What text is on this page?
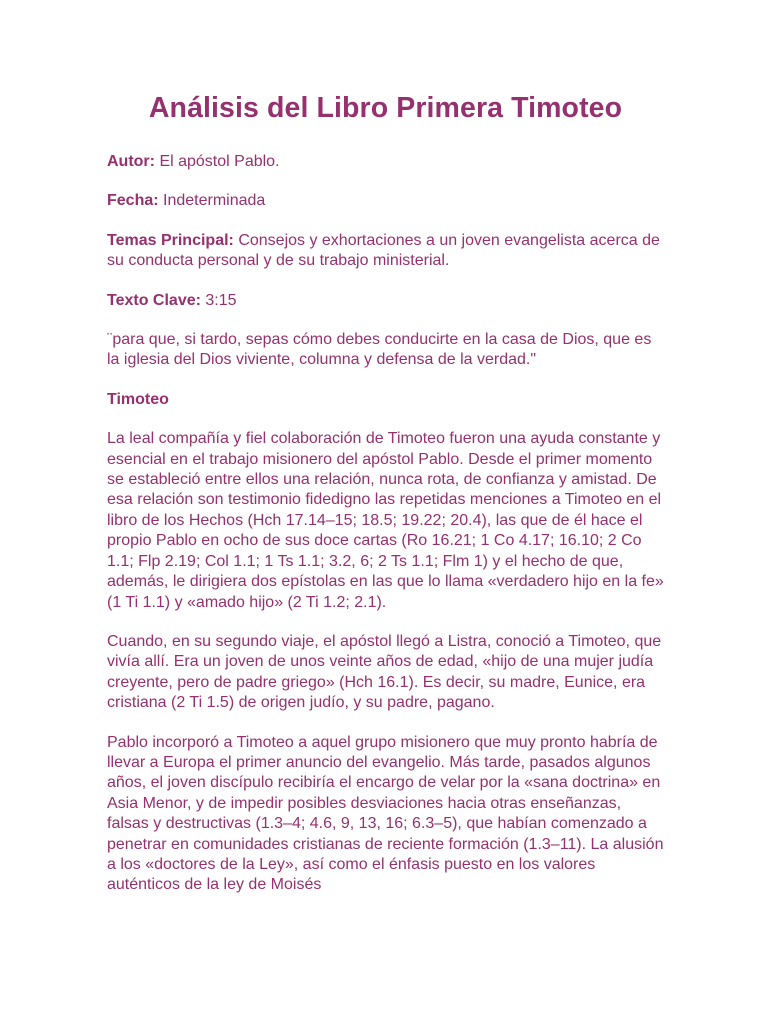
Análisis del Libro Primera Timoteo

Autor: El apóstol Pablo.

Fecha: Indeterminada

Temas Principal: Consejos y exhortaciones a un joven evangelista acerca de su conducta personal y de su trabajo ministerial.

Texto Clave: 3:15

¨para que, si tardo, sepas cómo debes conducirte en la casa de Dios, que es la iglesia del Dios viviente, columna y defensa de la verdad."

Timoteo

La leal compañía y fiel colaboración de Timoteo fueron una ayuda constante y esencial en el trabajo misionero del apóstol Pablo. Desde el primer momento se estableció entre ellos una relación, nunca rota, de confianza y amistad. De esa relación son testimonio fidedigno las repetidas menciones a Timoteo en el libro de los Hechos (Hch 17.14–15; 18.5; 19.22; 20.4), las que de él hace el propio Pablo en ocho de sus doce cartas (Ro 16.21; 1 Co 4.17; 16.10; 2 Co 1.1; Flp 2.19; Col 1.1; 1 Ts 1.1; 3.2, 6; 2 Ts 1.1; Flm 1) y el hecho de que, además, le dirigiera dos epístolas en las que lo llama «verdadero hijo en la fe» (1 Ti 1.1) y «amado hijo» (2 Ti 1.2; 2.1).

Cuando, en su segundo viaje, el apóstol llegó a Listra, conoció a Timoteo, que vivía allí. Era un joven de unos veinte años de edad, «hijo de una mujer judía creyente, pero de padre griego» (Hch 16.1). Es decir, su madre, Eunice, era cristiana (2 Ti 1.5) de origen judío, y su padre, pagano.

Pablo incorporó a Timoteo a aquel grupo misionero que muy pronto habría de llevar a Europa el primer anuncio del evangelio. Más tarde, pasados algunos años, el joven discípulo recibiría el encargo de velar por la «sana doctrina» en Asia Menor, y de impedir posibles desviaciones hacia otras enseñanzas, falsas y destructivas (1.3–4; 4.6, 9, 13, 16; 6.3–5), que habían comenzado a penetrar en comunidades cristianas de reciente formación (1.3–11). La alusión a los «doctores de la Ley», así como el énfasis puesto en los valores auténticos de la ley de Moisés
